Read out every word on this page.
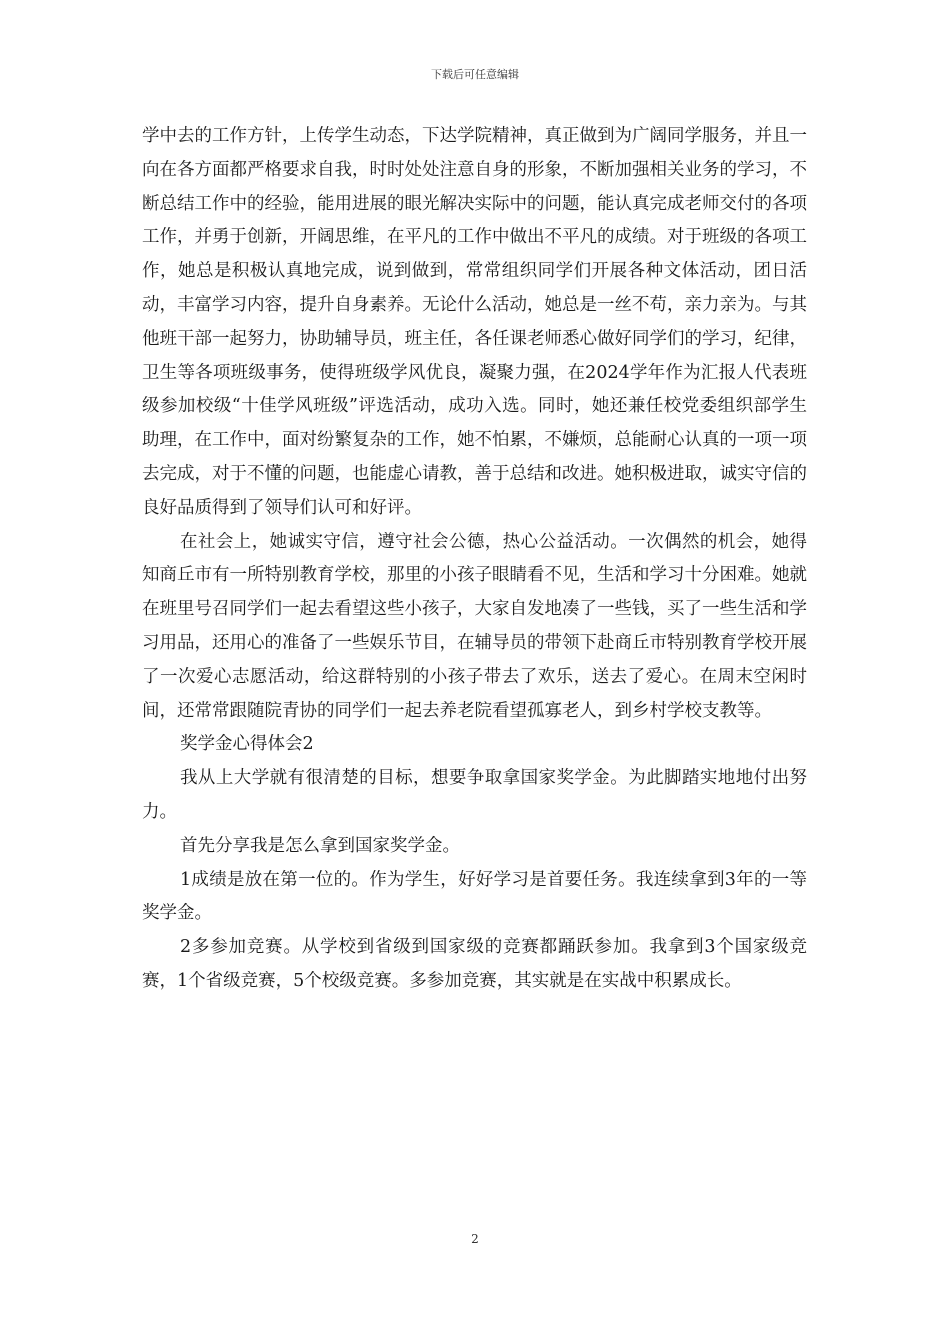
下载后可任意编辑

学中去的工作方针，上传学生动态，下达学院精神，真正做到为广阔同学服务，并且一向在各方面都严格要求自我，时时处处注意自身的形象，不断加强相关业务的学习，不断总结工作中的经验，能用进展的眼光解决实际中的问题，能认真完成老师交付的各项工作，并勇于创新，开阔思维，在平凡的工作中做出不平凡的成绩。对于班级的各项工作，她总是积极认真地完成，说到做到，常常组织同学们开展各种文体活动，团日活动，丰富学习内容，提升自身素养。无论什么活动，她总是一丝不苟，亲力亲为。与其他班干部一起努力，协助辅导员，班主任，各任课老师悉心做好同学们的学习，纪律，卫生等各项班级事务，使得班级学风优良，凝聚力强，在2024学年作为汇报人代表班级参加校级“十佳学风班级”评选活动，成功入选。同时，她还兼任校党委组织部学生助理，在工作中，面对纷繁复杂的工作，她不怕累，不嫌烦，总能耐心认真的一项一项去完成，对于不懂的问题，也能虚心请教，善于总结和改进。她积极进取，诚实守信的良好品质得到了领导们认可和好评。

在社会上，她诚实守信，遵守社会公德，热心公益活动。一次偶然的机会，她得知商丘市有一所特别教育学校，那里的小孩子眼睛看不见，生活和学习十分困难。她就在班里号召同学们一起去看望这些小孩子，大家自发地凑了一些钱，买了一些生活和学习用品，还用心的准备了一些娱乐节目，在辅导员的带领下赴商丘市特别教育学校开展了一次爱心志愿活动，给这群特别的小孩子带去了欢乐，送去了爱心。在周末空闲时间，还常常跟随院青协的同学们一起去养老院看望孤寡老人，到乡村学校支教等。

奖学金心得体会2

我从上大学就有很清楚的目标，想要争取拿国家奖学金。为此脚踏实地地付出努力。

首先分享我是怎么拿到国家奖学金。

1成绩是放在第一位的。作为学生，好好学习是首要任务。我连续拿到3年的一等奖学金。

2多参加竞赛。从学校到省级到国家级的竞赛都踊跃参加。我拿到3个国家级竞赛，1个省级竞赛，5个校级竞赛。多参加竞赛，其实就是在实战中积累成长。

2
